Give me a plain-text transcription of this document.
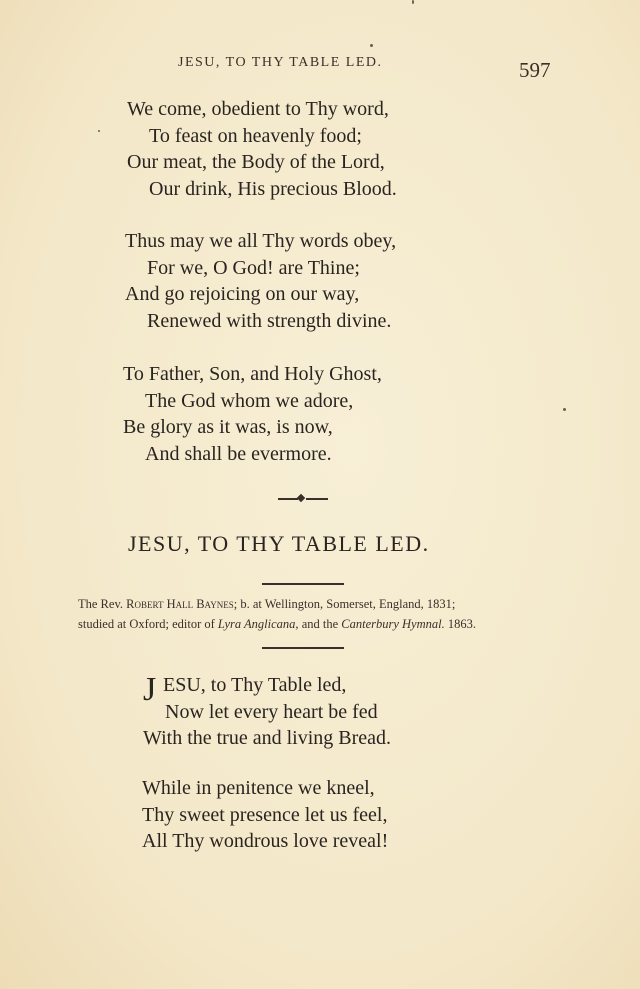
JESU, TO THY TABLE LED.	597
We come, obedient to Thy word,
To feast on heavenly food;
Our meat, the Body of the Lord,
Our drink, His precious Blood.
Thus may we all Thy words obey,
For we, O God! are Thine;
And go rejoicing on our way,
Renewed with strength divine.
To Father, Son, and Holy Ghost,
The God whom we adore,
Be glory as it was, is now,
And shall be evermore.
JESU, TO THY TABLE LED.
The Rev. Robert Hall Baynes; b. at Wellington, Somerset, England, 1831;
studied at Oxford; editor of Lyra Anglicana, and the Canterbury Hymnal. 1863.
J ESU, to Thy Table led,
Now let every heart be fed
With the true and living Bread.
While in penitence we kneel,
Thy sweet presence let us feel,
All Thy wondrous love reveal!
